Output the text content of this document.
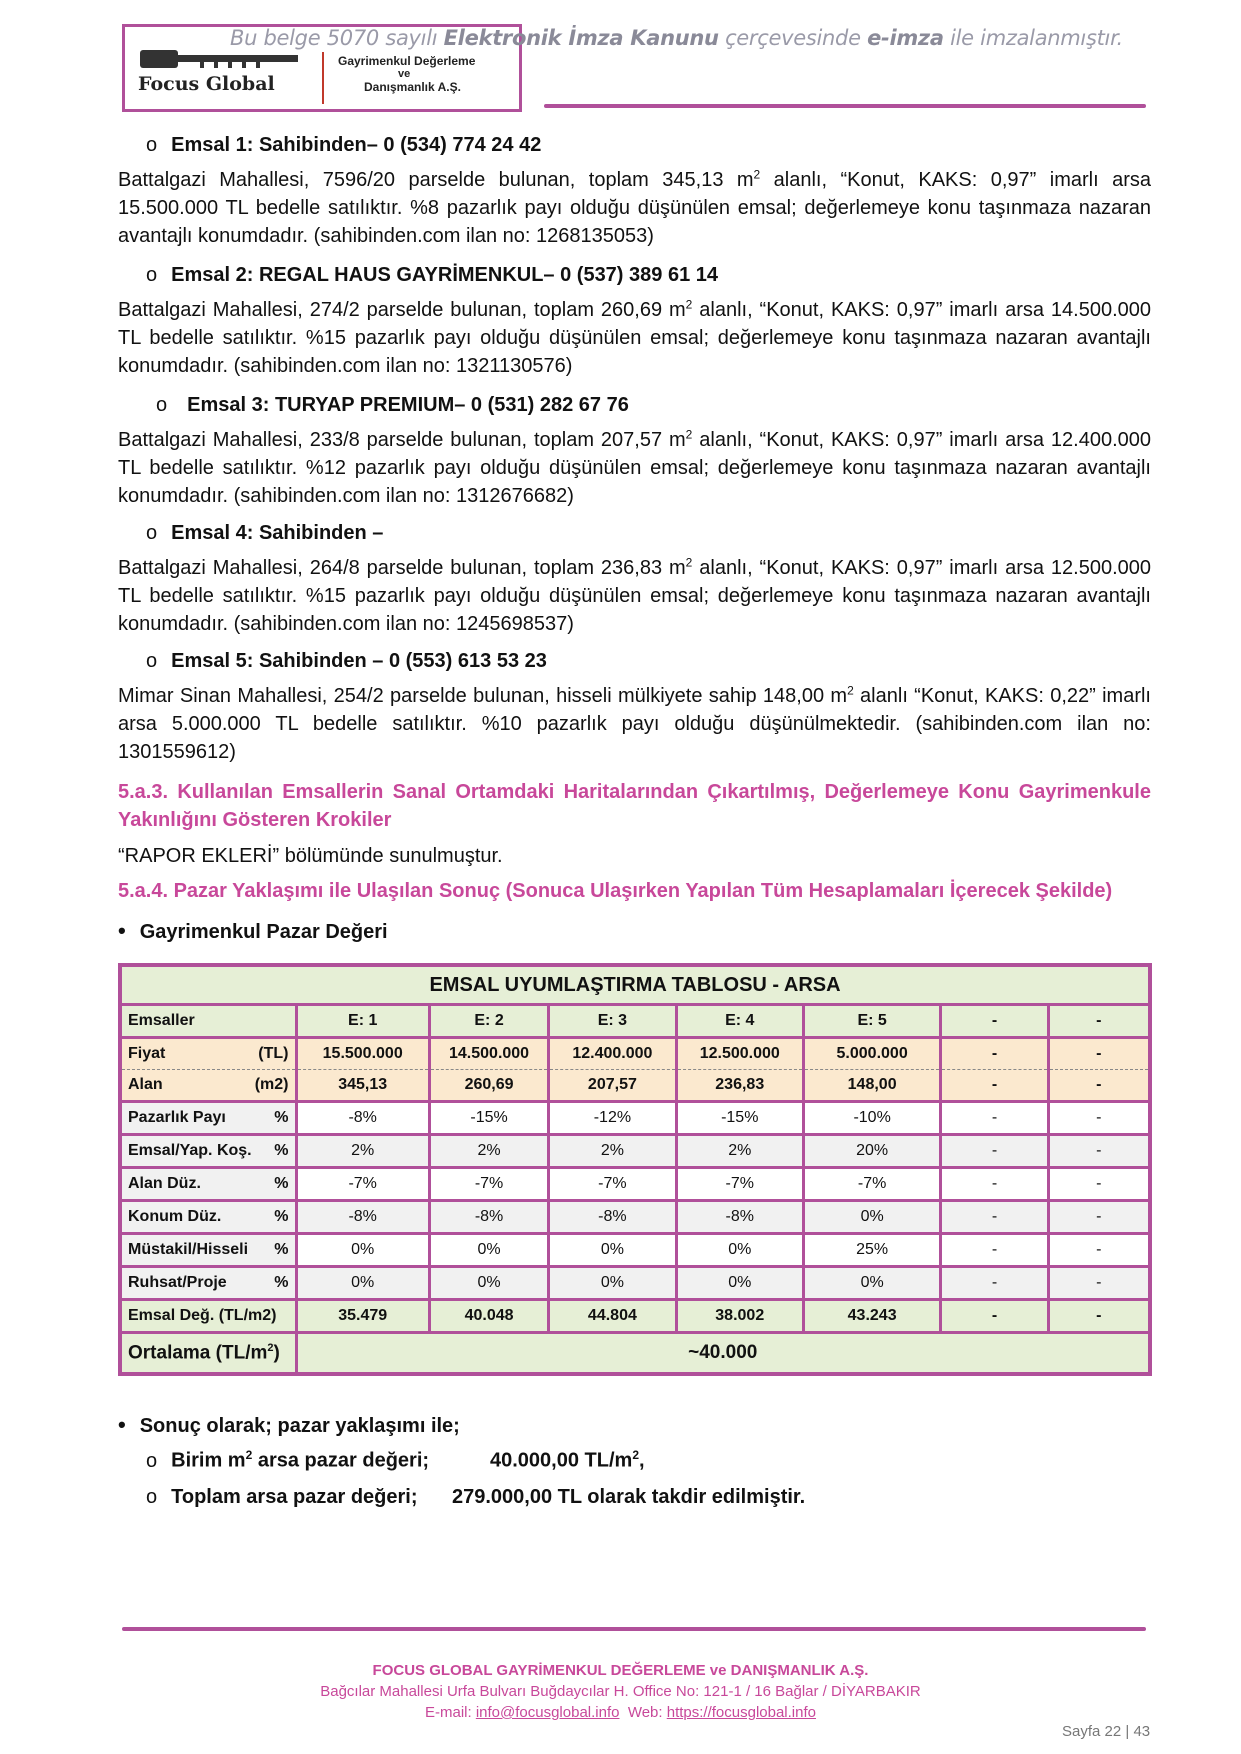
Focus Global
Gayrimenkul Değerleme
ve
Danışmanlık A.Ş.
Bu belge 5070 sayılı Elektronik İmza Kanunu çerçevesinde e-imza ile imzalanmıştır.
o Emsal 1: Sahibinden– 0 (534) 774 24 42
Battalgazi Mahallesi, 7596/20 parselde bulunan, toplam 345,13 $m^2$ alanlı, “Konut, KAKS: 0,97” imarlı arsa 15.500.000 TL bedelle satılıktır. %8 pazarlık payı olduğu düşünülen emsal; değerlemeye konu taşınmaza nazaran avantajlı konumdadır. (sahibinden.com ilan no: 1268135053)
o Emsal 2: REGAL HAUS GAYRİMENKUL– 0 (537) 389 61 14
Battalgazi Mahallesi, 274/2 parselde bulunan, toplam 260,69 $m^2$ alanlı, “Konut, KAKS: 0,97” imarlı arsa 14.500.000 TL bedelle satılıktır. %15 pazarlık payı olduğu düşünülen emsal; değerlemeye konu taşınmaza nazaran avantajlı konumdadır. (sahibinden.com ilan no: 1321130576)
o Emsal 3: TURYAP PREMIUM– 0 (531) 282 67 76
Battalgazi Mahallesi, 233/8 parselde bulunan, toplam 207,57 $m^2$ alanlı, “Konut, KAKS: 0,97” imarlı arsa 12.400.000 TL bedelle satılıktır. %12 pazarlık payı olduğu düşünülen emsal; değerlemeye konu taşınmaza nazaran avantajlı konumdadır. (sahibinden.com ilan no: 1312676682)
o Emsal 4: Sahibinden –
Battalgazi Mahallesi, 264/8 parselde bulunan, toplam 236,83 $m^2$ alanlı, “Konut, KAKS: 0,97” imarlı arsa 12.500.000 TL bedelle satılıktır. %15 pazarlık payı olduğu düşünülen emsal; değerlemeye konu taşınmaza nazaran avantajlı konumdadır. (sahibinden.com ilan no: 1245698537)
o Emsal 5: Sahibinden – 0 (553) 613 53 23
Mimar Sinan Mahallesi, 254/2 parselde bulunan, hisseli mülkiyete sahip 148,00 $m^2$ alanlı “Konut, KAKS: 0,22” imarlı arsa 5.000.000 TL bedelle satılıktır. %10 pazarlık payı olduğu düşünülmektedir. (sahibinden.com ilan no: 1301559612)
5.a.3. Kullanılan Emsallerin Sanal Ortamdaki Haritalarından Çıkartılmış, Değerlemeye Konu Gayrimenkule Yakınlığını Gösteren Krokiler
“RAPOR EKLERİ” bölümünde sunulmuştur.
5.a.4. Pazar Yaklaşımı ile Ulaşılan Sonuç (Sonuca Ulaşırken Yapılan Tüm Hesaplamaları İçerecek Şekilde)
• Gayrimenkul Pazar Değeri
EMSAL UYUMLAŞTIRMA TABLOSU - ARSA							
Emsaller	E: 1	E: 2	E: 3	E: 4	E: 5	-	-
Fiyat (TL)	15.500.000	14.500.000	12.400.000	12.500.000	5.000.000	-	-
Alan (m2)	345,13	260,69	207,57	236,83	148,00	-	-
Pazarlık Payı %	-8%	-15%	-12%	-15%	-10%	-	-
Emsal/Yap. Koş. %	2%	2%	2%	2%	20%	-	-
Alan Düz. %	-7%	-7%	-7%	-7%	-7%	-	-
Konum Düz. %	-8%	-8%	-8%	-8%	0%	-	-
Müstakil/Hisseli %	0%	0%	0%	0%	25%	-	-
Ruhsat/Proje %	0%	0%	0%	0%	0%	-	-
Emsal Değ. (TL/m2)	35.479	40.048	44.804	38.002	43.243	-	-
Ortalama $(TL/m^2)$	~40.000						
• Sonuç olarak; pazar yaklaşımı ile;
o Birim $m^2$ arsa pazar değeri;	40.000,00 $TL/m^2$,
o Toplam arsa pazar değeri; 279.000,00 TL olarak takdir edilmiştir.
FOCUS GLOBAL GAYRİMENKUL DEĞERLEME ve DANIŞMANLIK A.Ş.
Bağcılar Mahallesi Urfa Bulvarı Buğdaycılar H. Office No: 121-1 / 16 Bağlar / DİYARBAKIR
E-mail: info@focusglobal.info Web: https://focusglobal.info
Sayfa 22 | 43
